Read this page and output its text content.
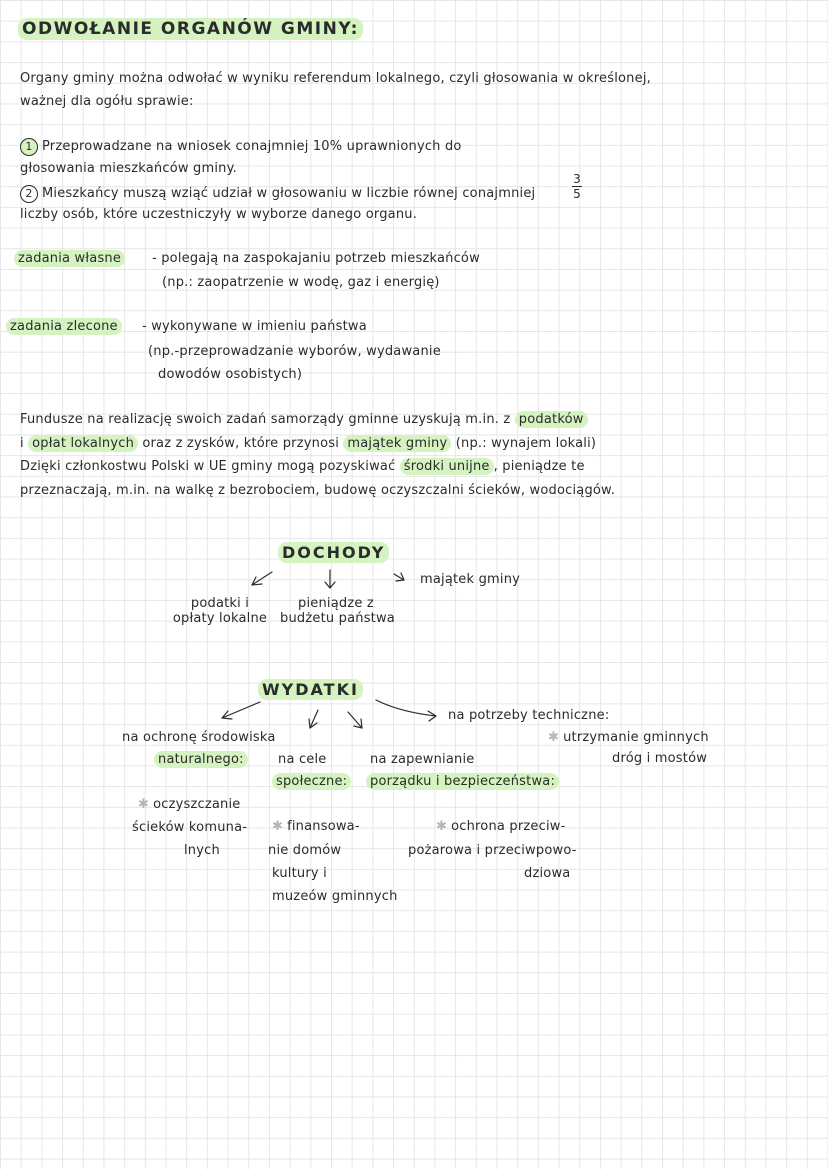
ODWOŁANIE ORGANÓW GMINY:
Organy gminy można odwołać w wyniku referendum lokalnego, czyli głosowania w określonej,
ważnej dla ogółu sprawie:
1 Przeprowadzane na wniosek conajmniej 10% uprawnionych do
głosowania mieszkańców gminy.
2 Mieszkańcy muszą wziąć udział w głosowaniu w liczbie równej conajmniej
3
5
liczby osób, które uczestniczyły w wyborze danego organu.
zadania własne	- polegają na zaspokajaniu potrzeb mieszkańców
(np.: zaopatrzenie w wodę, gaz i energię)
zadania zlecone	- wykonywane w imieniu państwa
(np.-przeprowadzanie wyborów, wydawanie
dowodów osobistych)
Fundusze na realizację swoich zadań samorządy gminne uzyskują m.in. z podatków
i opłat lokalnych oraz z zysków, które przynosi majątek gminy (np.: wynajem lokali)
Dzięki członkostwu Polski w UE gminy mogą pozyskiwać środki unijne , pieniądze te
przeznaczają, m.in. na walkę z bezrobociem, budowę oczyszczalni ścieków, wodociągów.
DOCHODY
podatki i
opłaty lokalne
pieniądze z
budżetu państwa
majątek gminy
WYDATKI
na potrzeby techniczne:
✱ utrzymanie gminnych
dróg i mostów
na ochronę środowiska
naturalnego:	na cele
społeczne:
na zapewnianie
porządku i bezpieczeństwa:
✱ oczyszczanie
ścieków komuna-
lnych
✱ finansowa-
nie domów
kultury i
muzeów gminnych
✱ ochrona przeciw-
pożarowa i przeciwpowo-
dziowa
